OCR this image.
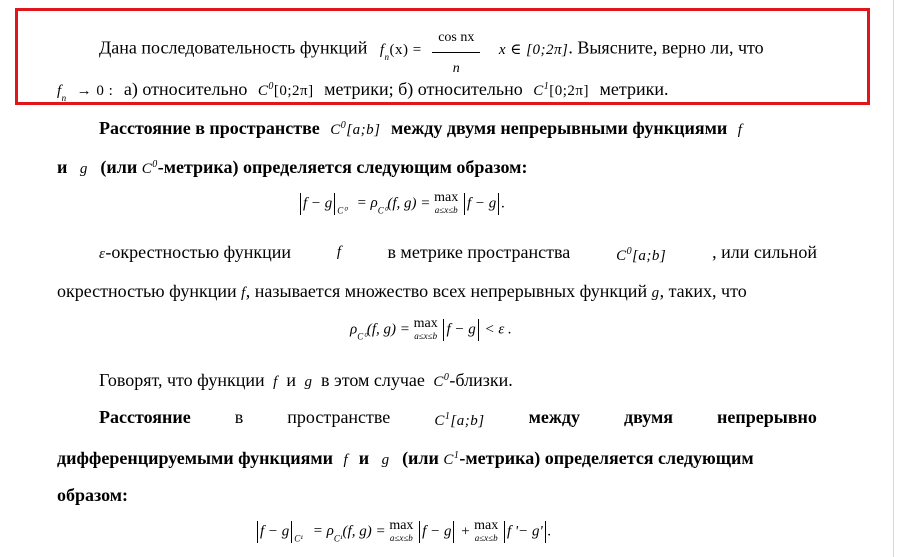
Дана последовательность функций $f_n(x) = \frac{\text{cos nx}}{n}$ x ∈ [0;2π]. Выясните, верно ли, что
$f_n \to 0$ : а) относительно $C^0[0;2\pi]$ метрики; б) относительно $C^1[0;2\pi]$ метрики.
Расстояние в пространстве $C^0[a;b]$ между двумя непрерывными функциями f
и g (или $C^0-метрика$) определяется следующим образом:
f − g $_{C^0} = \rho_{C^0}(f$, g) = max
a≤x≤b f − g .
ε-окрестностью функции	f	в метрике пространства	$C^0[a;b]$	, или сильной
окрестностью функции f, называется множество всех непрерывных функций g, таких, что
$\rho_{C^0}(f$, g) = max
a≤x≤b f − g < ε .
Говорят, что функции f и g в этом случае $C^0$-близки.
Расстояние в пространстве	$C^1[a;b]$ между двумя непрерывно
дифференцируемыми функциями f и g (или $C^1-метрика$) определяется следующим
образом:
f − g $_{C^1} = \rho_{C^1}(f$, g) = max
a≤x≤b f − g + max
a≤x≤b f '− g' .
